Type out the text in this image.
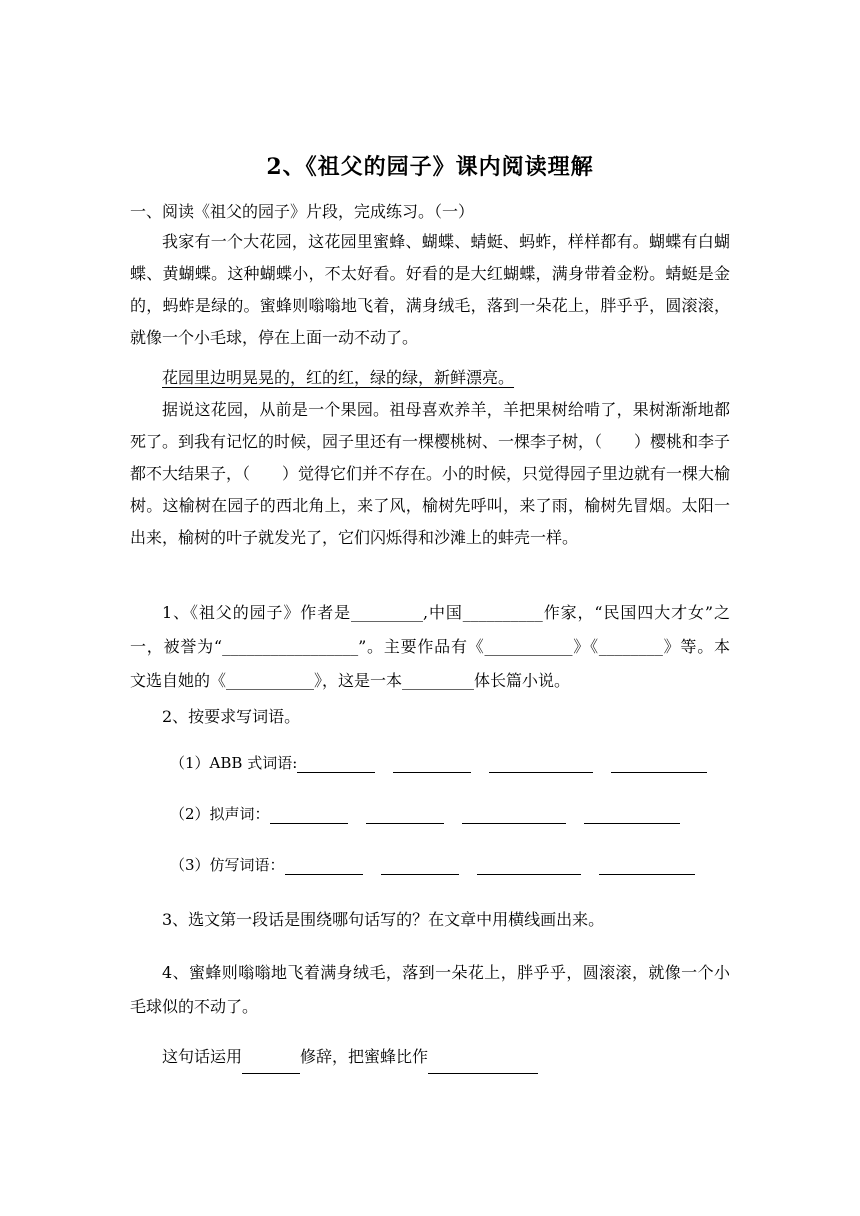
2、《祖父的园子》课内阅读理解
一、阅读《祖父的园子》片段，完成练习。（一）
我家有一个大花园，这花园里蜜蜂、蝴蝶、蜻蜓、蚂蚱，样样都有。蝴蝶有白蝴蝶、黄蝴蝶。这种蝴蝶小，不太好看。好看的是大红蝴蝶，满身带着金粉。蜻蜓是金的，蚂蚱是绿的。蜜蜂则嗡嗡地飞着，满身绒毛，落到一朵花上，胖乎乎，圆滚滚，就像一个小毛球，停在上面一动不动了。
花园里边明晃晃的，红的红，绿的绿，新鲜漂亮。
据说这花园，从前是一个果园。祖母喜欢养羊，羊把果树给啃了，果树渐渐地都死了。到我有记忆的时候，园子里还有一棵樱桃树、一棵李子树，（　　）樱桃和李子都不大结果子，（　　）觉得它们并不存在。小的时候，只觉得园子里边就有一棵大榆树。这榆树在园子的西北角上，来了风，榆树先呼叫，来了雨，榆树先冒烟。太阳一出来，榆树的叶子就发光了，它们闪烁得和沙滩上的蚌壳一样。
1、《祖父的园子》作者是_________,中国__________作家，“民国四大才女”之一，被誉为“_________________”。主要作品有《___________》《________》等。本文选自她的《___________》，这是一本_________体长篇小说。
2、按要求写词语。
（1）ABB 式词语:
（2）拟声词：
（3）仿写词语：
3、选文第一段话是围绕哪句话写的？在文章中用横线画出来。
4、蜜蜂则嗡嗡地飞着满身绒毛，落到一朵花上，胖乎乎，圆滚滚，就像一个小毛球似的不动了。
这句话运用	修辞，把蜜蜂比作
